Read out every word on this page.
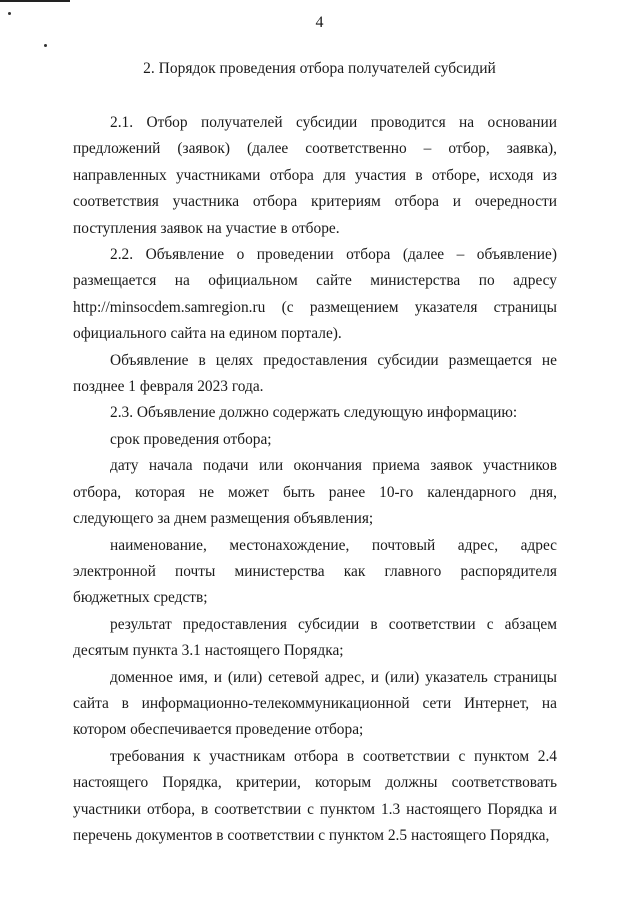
4
2. Порядок проведения отбора получателей субсидий

2.1. Отбор получателей субсидии проводится на основании предложений (заявок) (далее соответственно – отбор, заявка), направленных участниками отбора для участия в отборе, исходя из соответствия участника отбора критериям отбора и очередности поступления заявок на участие в отборе.

2.2. Объявление о проведении отбора (далее – объявление) размещается на официальном сайте министерства по адресу http://minsocdem.samregion.ru (с размещением указателя страницы официального сайта на едином портале).

Объявление в целях предоставления субсидии размещается не позднее 1 февраля 2023 года.

2.3. Объявление должно содержать следующую информацию:

срок проведения отбора;

дату начала подачи или окончания приема заявок участников отбора, которая не может быть ранее 10-го календарного дня, следующего за днем размещения объявления;

наименование, местонахождение, почтовый адрес, адрес электронной почты министерства как главного распорядителя бюджетных средств;

результат предоставления субсидии в соответствии с абзацем десятым пункта 3.1 настоящего Порядка;

доменное имя, и (или) сетевой адрес, и (или) указатель страницы сайта в информационно-телекоммуникационной сети Интернет, на котором обеспечивается проведение отбора;

требования к участникам отбора в соответствии с пунктом 2.4 настоящего Порядка, критерии, которым должны соответствовать участники отбора, в соответствии с пунктом 1.3 настоящего Порядка и перечень документов в соответствии с пунктом 2.5 настоящего Порядка,
